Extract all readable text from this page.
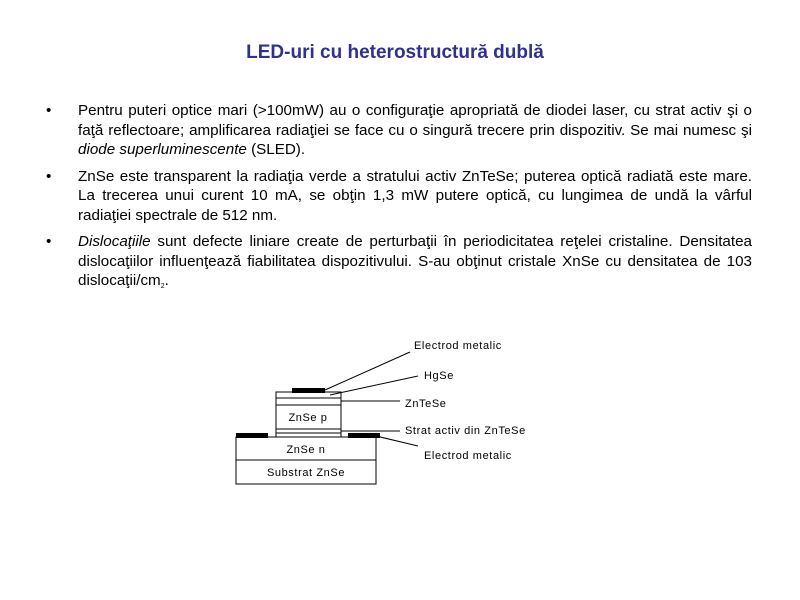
LED-uri cu heterostructură dublă
• Pentru puteri optice mari (>100mW) au o configuraţie apropriată de diodei laser, cu strat activ şi o faţă reflectoare; amplificarea radiaţiei se face cu o singură trecere prin dispozitiv. Se mai numesc şi diode superluminescente (SLED).
• ZnSe este transparent la radiaţia verde a stratului activ ZnTeSe; puterea optică radiată este mare. La trecerea unui curent 10 mA, se obţin 1,3 mW putere optică, cu lungimea de undă la vârful radiaţiei spectrale de 512 nm.
• Dislocaţiile sunt defecte liniare create de perturbaţii în periodicitatea reţelei cristaline. Densitatea dislocaţiilor influenţează fiabilitatea dispozitivului. S-au obţinut cristale XnSe cu densitatea de 103 dislocaţii/$cm^2$.
Substrat ZnSe
ZnSe n
ZnSe p
Electrod metalic
HgSe
ZnTeSe
Strat activ din ZnTeSe
Electrod metalic
